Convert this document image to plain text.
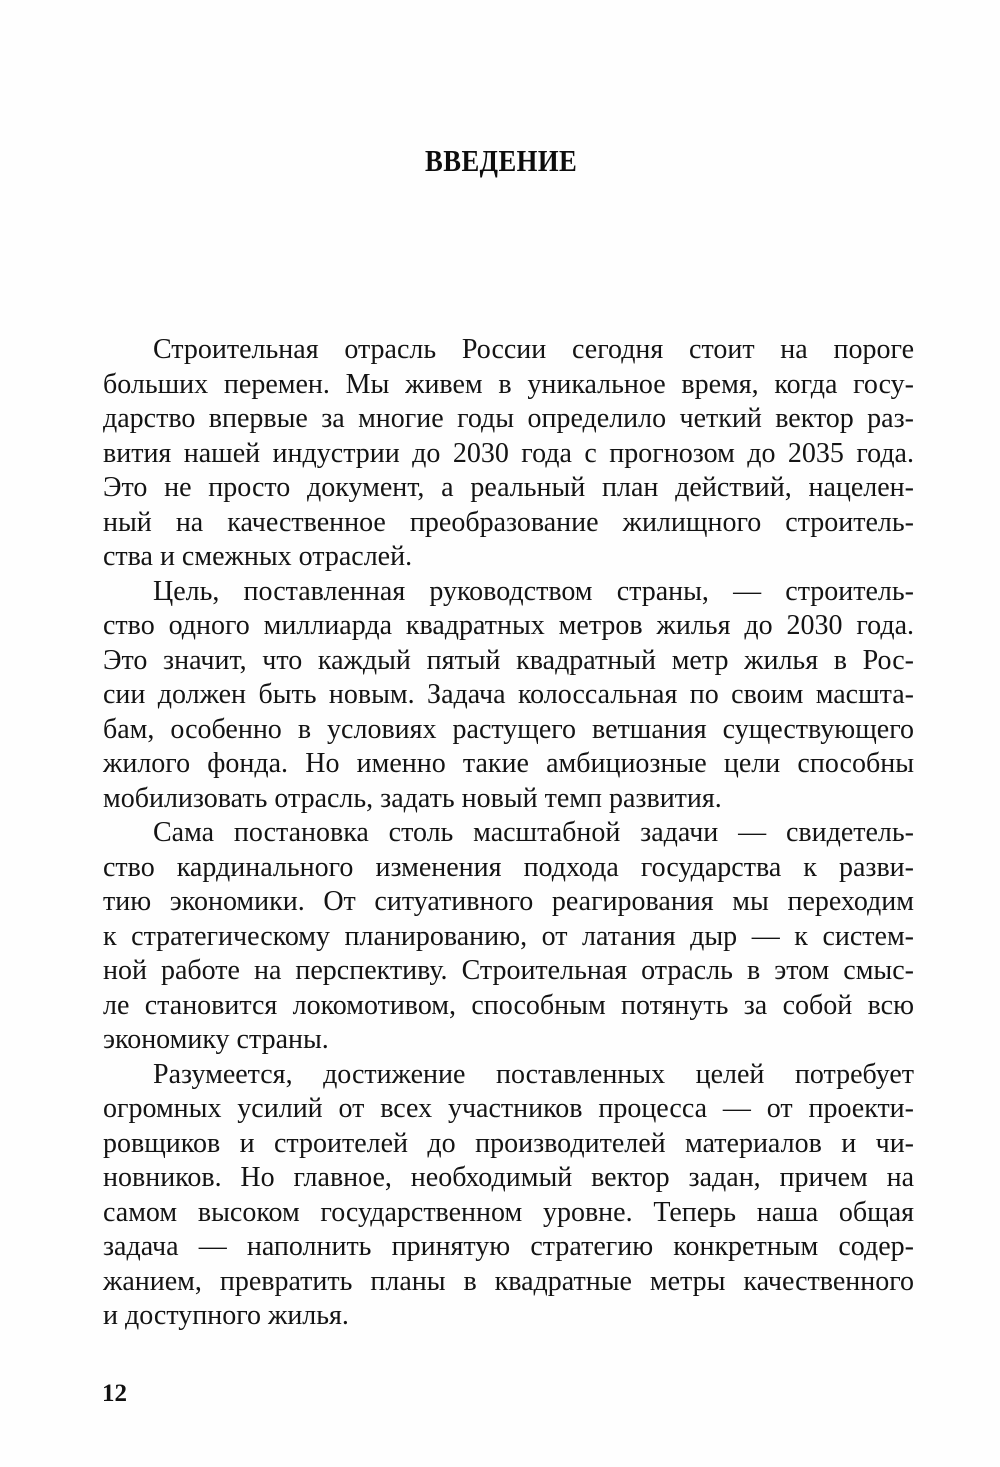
ВВЕДЕНИЕ
Строительная отрасль России сегодня стоит на пороге
больших перемен. Мы живем в уникальное время, когда госу-
дарство впервые за многие годы определило четкий вектор раз-
вития нашей индустрии до 2030 года с прогнозом до 2035 года.
Это не просто документ, а реальный план действий, нацелен-
ный на качественное преобразование жилищного строитель-
ства и смежных отраслей.
Цель, поставленная руководством страны, — строитель-
ство одного миллиарда квадратных метров жилья до 2030 года.
Это значит, что каждый пятый квадратный метр жилья в Рос-
сии должен быть новым. Задача колоссальная по своим масшта-
бам, особенно в условиях растущего ветшания существующего
жилого фонда. Но именно такие амбициозные цели способны
мобилизовать отрасль, задать новый темп развития.
Сама постановка столь масштабной задачи — свидетель-
ство кардинального изменения подхода государства к разви-
тию экономики. От ситуативного реагирования мы переходим
к стратегическому планированию, от латания дыр — к систем-
ной работе на перспективу. Строительная отрасль в этом смыс-
ле становится локомотивом, способным потянуть за собой всю
экономику страны.
Разумеется, достижение поставленных целей потребует
огромных усилий от всех участников процесса — от проекти-
ровщиков и строителей до производителей материалов и чи-
новников. Но главное, необходимый вектор задан, причем на
самом высоком государственном уровне. Теперь наша общая
задача — наполнить принятую стратегию конкретным содер-
жанием, превратить планы в квадратные метры качественного
и доступного жилья.
12
